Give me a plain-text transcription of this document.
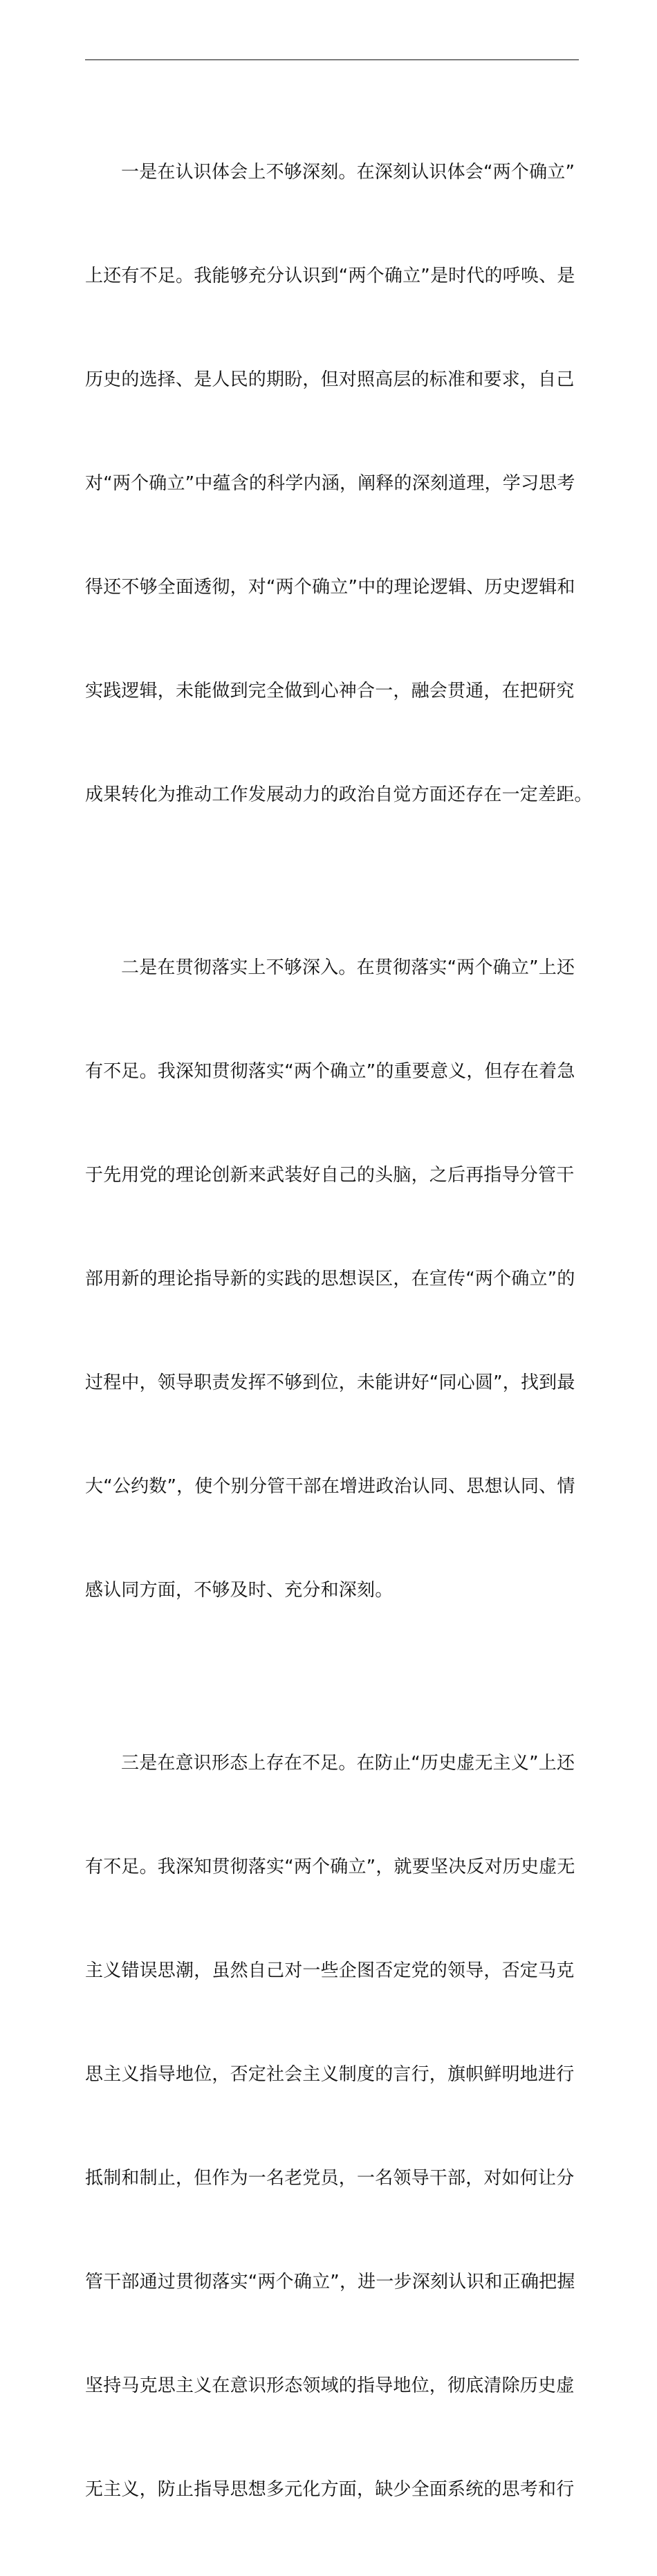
一是在认识体会上不够深刻。在深刻认识体会“两个确立”

上还有不足。我能够充分认识到“两个确立”是时代的呼唤、是

历史的选择、是人民的期盼，但对照高层的标准和要求，自己

对“两个确立”中蕴含的科学内涵，阐释的深刻道理，学习思考

得还不够全面透彻，对“两个确立”中的理论逻辑、历史逻辑和

实践逻辑，未能做到完全做到心神合一，融会贯通，在把研究

成果转化为推动工作发展动力的政治自觉方面还存在一定差距。

二是在贯彻落实上不够深入。在贯彻落实“两个确立”上还

有不足。我深知贯彻落实“两个确立”的重要意义，但存在着急

于先用党的理论创新来武装好自己的头脑，之后再指导分管干

部用新的理论指导新的实践的思想误区，在宣传“两个确立”的

过程中，领导职责发挥不够到位，未能讲好“同心圆”，找到最

大“公约数”，使个别分管干部在增进政治认同、思想认同、情

感认同方面，不够及时、充分和深刻。

三是在意识形态上存在不足。在防止“历史虚无主义”上还

有不足。我深知贯彻落实“两个确立”，就要坚决反对历史虚无

主义错误思潮，虽然自己对一些企图否定党的领导，否定马克

思主义指导地位，否定社会主义制度的言行，旗帜鲜明地进行

抵制和制止，但作为一名老党员，一名领导干部，对如何让分

管干部通过贯彻落实“两个确立”，进一步深刻认识和正确把握

坚持马克思主义在意识形态领域的指导地位，彻底清除历史虚

无主义，防止指导思想多元化方面，缺少全面系统的思考和行
